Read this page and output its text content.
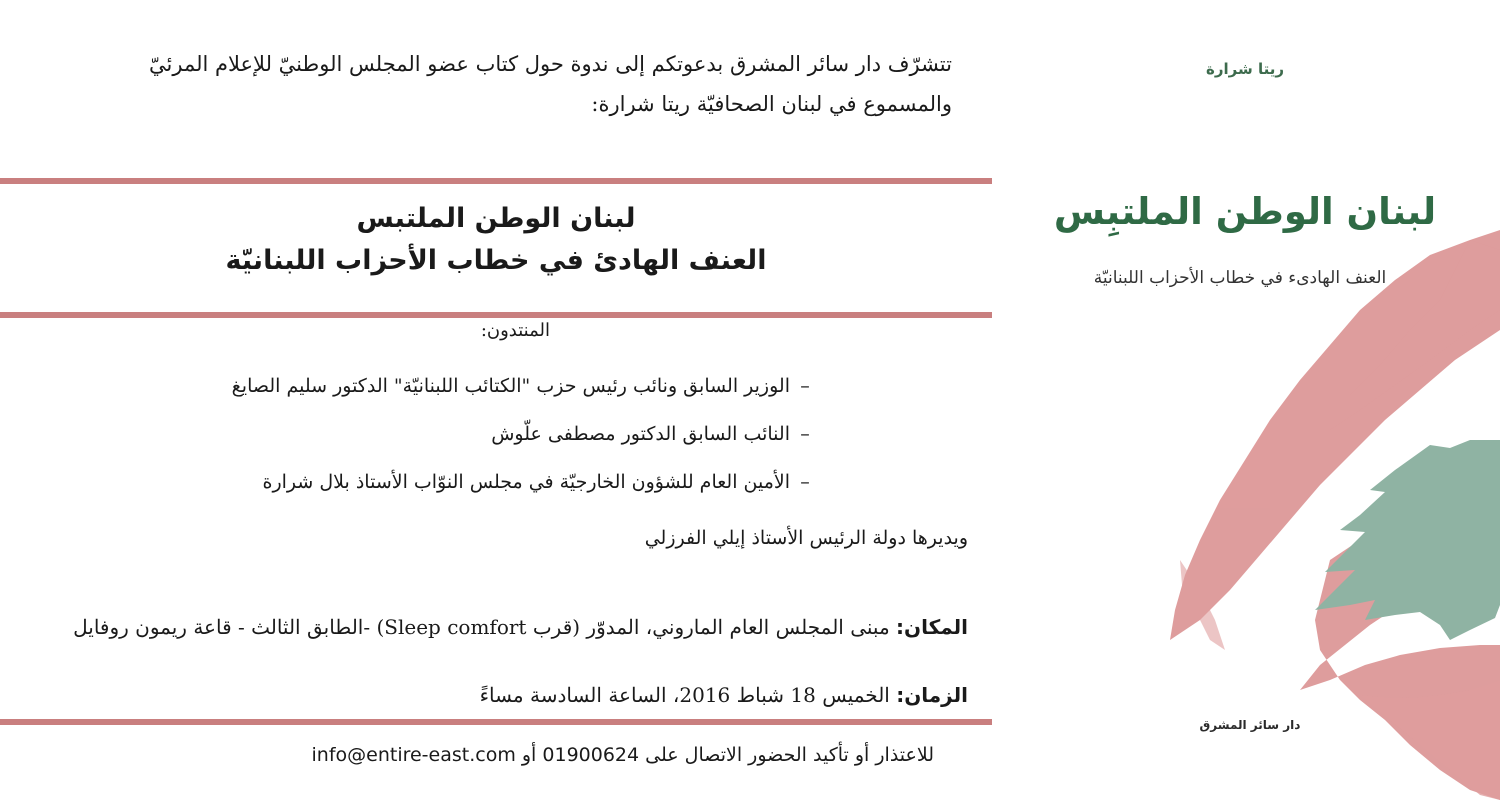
تتشرّف دار سائر المشرق بدعوتكم إلى ندوة حول كتاب عضو المجلس الوطنيّ للإعلام المرئيّ
والمسموع في لبنان الصحافيّة ريتا شرارة:
لبنان الوطن الملتبس
العنف الهادئ في خطاب الأحزاب اللبنانيّة
المنتدون:
–الوزير السابق ونائب رئيس حزب "الكتائب اللبنانيّة" الدكتور سليم الصايغ
–النائب السابق الدكتور مصطفى علّوش
–الأمين العام للشؤون الخارجيّة في مجلس النوّاب الأستاذ بلال شرارة
ويديرها دولة الرئيس الأستاذ إيلي الفرزلي
المكان: مبنى المجلس العام الماروني، المدوّر (قرب Sleep comfort) -الطابق الثالث - قاعة ريمون روفايل
الزمان: الخميس 18 شباط 2016، الساعة السادسة مساءً
للاعتذار أو تأكيد الحضور الاتصال على 01900624 أو info@entire-east.com
ريتا شرارة
لبنان الوطن الملتبِس
العنف الهادىء في خطاب الأحزاب اللبنانيّة
دار سائر المشرق
